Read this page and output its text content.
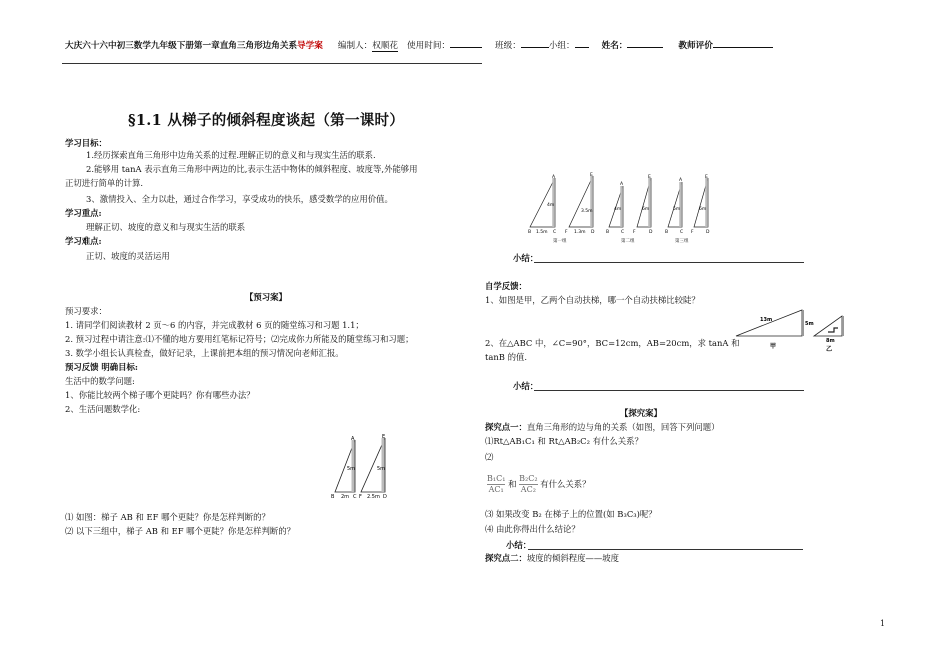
大庆六十六中初三数学九年级下册第一章直角三角形边角关系导学案 编制人：权顺花 使用时间：	班级：	小组：	姓名：	教师评价
§1.1 从梯子的倾斜程度谈起（第一课时）
学习目标：
1.经历探索直角三角形中边角关系的过程.理解正切的意义和与现实生活的联系.
2.能够用 tanA 表示直角三角形中两边的比,表示生活中物体的倾斜程度、坡度等,外能够用
正切进行简单的计算.
3、激情投入、全力以赴，通过合作学习，享受成功的快乐，感受数学的应用价值。
学习重点:
理解正切、坡度的意义和与现实生活的联系
学习难点:
正切、坡度的灵活运用
【预习案】
预习要求：
1. 请同学们阅读教材 2 页～6 的内容，并完成教材 6 页的随堂练习和习题 1.1；
2. 预习过程中请注意:⑴不懂的地方要用红笔标记符号；⑵完成你力所能及的随堂练习和习题；
3. 数学小组长认真检查，做好记录，上课前把本组的预习情况向老师汇报。
预习反馈 明确目标:
生活中的数学问题:
1、你能比较两个梯子哪个更陡吗？你有哪些办法？
2、生活问题数学化:
A	E
5m	5m
B 2m C F 2.5m D
⑴ 如图：梯子 AB 和 EF 哪个更陡？你是怎样判断的？
⑵ 以下三组中，梯子 AB 和 EF 哪个更陡？你是怎样判断的？
A	E
A
E
A
E
4m
3.5m	4m	6m	5m	6m
B 1.5m C F 1.3m D	B	C F	D	B	C F	D
第一组	第二组	第三组
小结：
自学反馈：
1、如图是甲，乙两个自动扶梯，哪一个自动扶梯比较陡？
2、在△ABC 中，∠C=90°，BC=12cm，AB=20cm，求 tanA 和
tanB 的值.
13m
5m
甲
8m
乙
小结：
【探究案】
探究点一：直角三角形的边与角的关系（如图，回答下列问题）
⑴Rt△AB₁C₁ 和 Rt△AB₂C₂ 有什么关系？
⑵
$\frac{\text{B₁C₁}}{\text{AC₁}}$ 和 $\frac{\text{B₂C₂}}{\text{AC₂}}$ 有什么关系？
⑶ 如果改变 B₂ 在梯子上的位置(如 B₃C₃)呢？
⑷ 由此你得出什么结论？
小结：
探究点二：坡度的倾斜程度——坡度
1
